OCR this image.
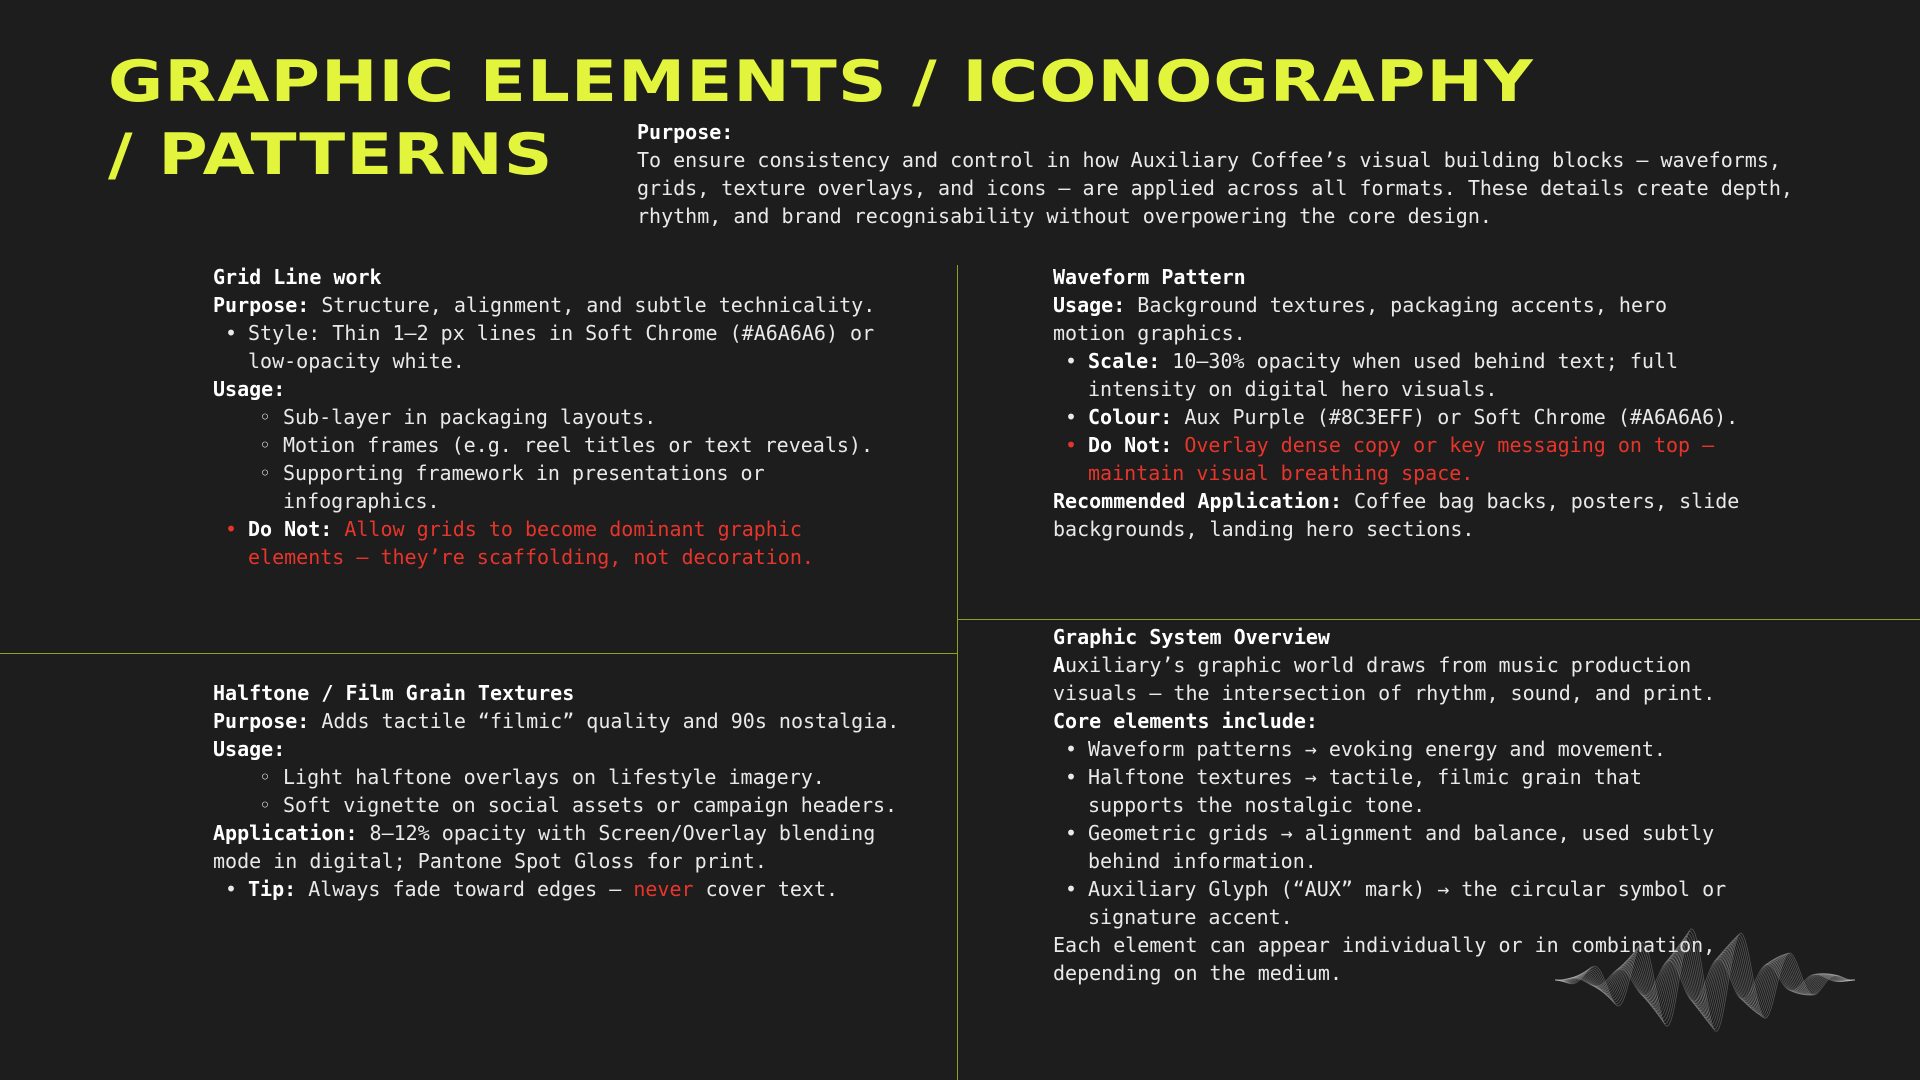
GRAPHIC ELEMENTS / ICONOGRAPHY
/ PATTERNS	Purpose:
To ensure consistency and control in how Auxiliary Coffee’s visual building blocks — waveforms, grids, texture overlays, and icons — are applied across all formats. These details create depth, rhythm, and brand recognisability without overpowering the core design.
Grid Line work
Purpose: Structure, alignment, and subtle technicality.
• Style: Thin 1–2 px lines in Soft Chrome (#A6A6A6) or low-opacity white.
Usage:
◦ Sub-layer in packaging layouts.
◦ Motion frames (e.g. reel titles or text reveals).
◦ Supporting framework in presentations or infographics.
• Do Not: Allow grids to become dominant graphic elements — they’re scaffolding, not decoration.
Halftone / Film Grain Textures
Purpose: Adds tactile “filmic” quality and 90s nostalgia.
Usage:
◦ Light halftone overlays on lifestyle imagery.
◦ Soft vignette on social assets or campaign headers.
Application: 8–12% opacity with Screen/Overlay blending mode in digital; Pantone Spot Gloss for print.
• Tip: Always fade toward edges — never cover text.
Waveform Pattern
Usage: Background textures, packaging accents, hero motion graphics.
• Scale: 10–30% opacity when used behind text; full intensity on digital hero visuals.
• Colour: Aux Purple (#8C3EFF) or Soft Chrome (#A6A6A6).
• Do Not: Overlay dense copy or key messaging on top — maintain visual breathing space.
Recommended Application: Coffee bag backs, posters, slide backgrounds, landing hero sections.
Graphic System Overview
Auxiliary’s graphic world draws from music production visuals — the intersection of rhythm, sound, and print.
Core elements include:
• Waveform patterns → evoking energy and movement.
• Halftone textures → tactile, filmic grain that supports the nostalgic tone.
• Geometric grids → alignment and balance, used subtly behind information.
• Auxiliary Glyph (“AUX” mark) → the circular symbol or signature accent.
Each element can appear individually or in combination, depending on the medium.
